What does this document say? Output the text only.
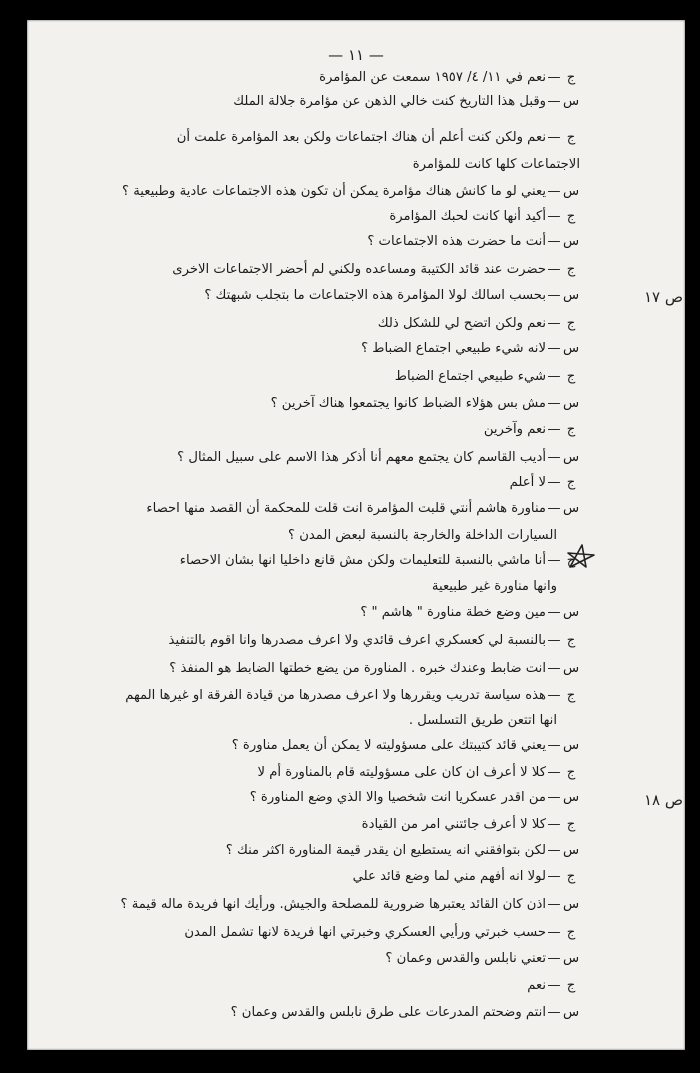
— ١١ —
ص ١٧
ص ١٨
ج—نعم في ١١/ ٤/ ١٩٥٧ سمعت عن المؤامرة
س—وقبل هذا التاريخ كنت خالي الذهن عن مؤامرة جلالة الملك
ج—نعم ولكن كنت أعلم أن هناك اجتماعات ولكن بعد المؤامرة علمت أن
الاجتماعات كلها كانت للمؤامرة
س—يعني لو ما كانش هناك مؤامرة يمكن أن تكون هذه الاجتماعات عادية وطبيعية ؟
ج—أكيد أنها كانت لحبك المؤامرة
س—أنت ما حضرت هذه الاجتماعات ؟
ج—حضرت عند قائد الكتيبة ومساعده ولكني لم أحضر الاجتماعات الاخرى
س—بحسب اسالك لولا المؤامرة هذه الاجتماعات ما بتجلب شبهتك ؟
ج—نعم ولكن اتضح لي للشكل ذلك
س—لانه شيء طبيعي اجتماع الضباط ؟
ج—شيء طبيعي اجتماع الضباط
س—مش بس هؤلاء الضباط كانوا يجتمعوا هناك آخرين ؟
ج—نعم وآخرين
س—أديب القاسم كان يجتمع معهم أنا أذكر هذا الاسم على سبيل المثال ؟
ج—لا أعلم
س—مناورة هاشم أنتي قلبت المؤامرة انت قلت للمحكمة أن القصد منها احصاء
السيارات الداخلة والخارجة بالنسبة لبعض المدن ؟
ج—أنا ماشي بالنسبة للتعليمات ولكن مش قانع داخليا انها بشان الاحصاء
وانها مناورة غير طبيعية
س—مين وضع خطة مناورة " هاشم " ؟
ج—بالنسبة لي كعسكري اعرف قائدي ولا اعرف مصدرها وانا اقوم بالتنفيذ
س—انت ضابط وعندك خبره . المناورة من يضع خطتها الضابط هو المنفذ ؟
ج—هذه سياسة تدريب ويقررها ولا اعرف مصدرها من قيادة الفرقة او غيرها المهم
انها اتتعن طريق التسلسل .
س—يعني قائد كتيبتك على مسؤوليته لا يمكن أن يعمل مناورة ؟
ج—كلا لا أعرف ان كان على مسؤوليته قام بالمناورة أم لا
س—من اقدر عسكريا انت شخصيا والا الذي وضع المناورة ؟
ج—كلا لا أعرف جائتني امر من القيادة
س—لكن بتوافقني انه يستطيع ان يقدر قيمة المناورة اكثر منك ؟
ج—لولا انه أفهم مني لما وضع قائد علي
س—اذن كان القائد يعتبرها ضرورية للمصلحة والجيش. ورأيك انها فريدة ماله قيمة ؟
ج—حسب خبرتي ورأيي العسكري وخبرتي انها فريدة لانها تشمل المدن
س—تعني نابلس والقدس وعمان ؟
ج—نعم
س—انتم وضحتم المدرعات على طرق نابلس والقدس وعمان ؟
